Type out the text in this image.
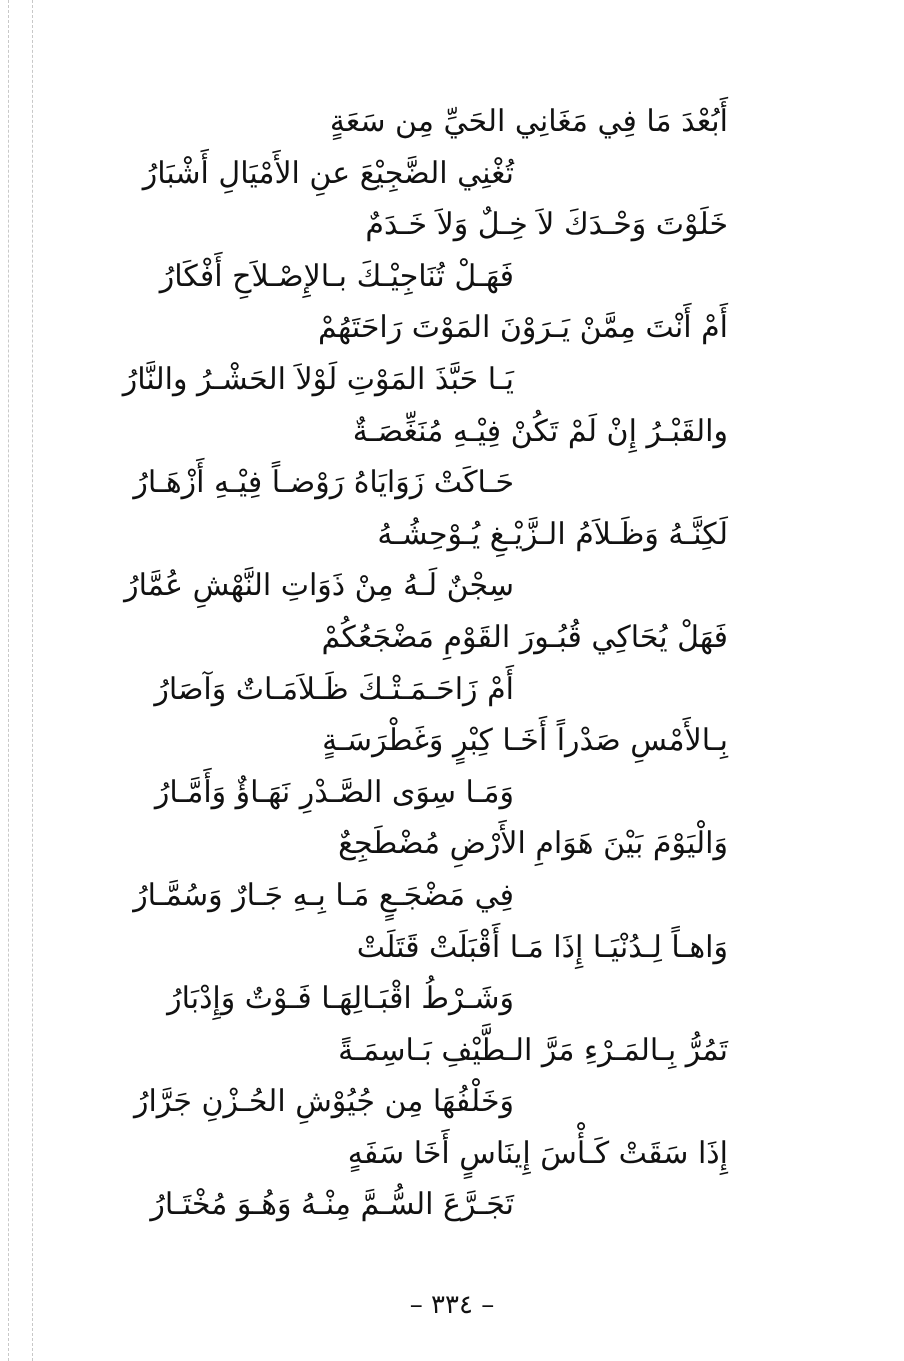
أَبُعْدَ مَا فِي مَغَانِي الحَيِّ مِن سَعَةٍ
تُغْنِي الضَّجِيْعَ عنِ الأَمْيَالِ أَشْبَارُ
خَلَوْتَ وَحْـدَكَ لاَ خِـلٌ وَلاَ خَـدَمٌ
فَهَـلْ تُنَاجِيْـكَ بـالإِصْـلاَحِ أَفْكَارُ
أَمْ أَنْتَ مِمَّنْ يَـرَوْنَ المَوْتَ رَاحَتَهُمْ
يَـا حَبَّذَ المَوْتِ لَوْلاَ الحَشْـرُ والنَّارُ
والقَبْـرُ إِنْ لَمْ تَكُنْ فِيْـهِ مُنَغِّصَـةٌ
حَـاكَتْ زَوَايَاهُ رَوْضـاً فِيْـهِ أَزْهَـارُ
لَكِنَّـهُ وَظَـلاَمُ الـزَّيْـغِ يُـوْحِشُـهُ
سِجْنٌ لَـهُ مِنْ ذَوَاتِ النَّهْشِ عُمَّارُ
فَهَلْ يُحَاكِي قُبُـورَ القَوْمِ مَضْجَعُكُمْ
أَمْ زَاحَـمَـتْـكَ ظَـلاَمَـاتٌ وَآصَارُ
بِـالأَمْسِ صَدْراً أَخَـا كِبْرٍ وَغَطْرَسَـةٍ
وَمَـا سِوَى الصَّـدْرِ نَهَـاؤٌ وَأَمَّـارُ
وَالْيَوْمَ بَيْنَ هَوَامِ الأَرْضِ مُضْطَجِعٌ
فِي مَضْجَـعٍ مَـا بِـهِ جَـارٌ وَسُمَّـارُ
وَاهـاً لِـدُنْيَـا إِذَا مَـا أَقْبَلَتْ قَتَلَتْ
وَشَـرْطُ اقْبَـالِهَـا فَـوْتٌ وَإِدْبَارُ
تَمُرُّ بِـالمَـرْءِ مَرَّ الـطَّيْفِ بَـاسِمَـةً
وَخَلْفُهَا مِن جُيُوْشِ الحُـزْنِ جَرَّارُ
إِذَا سَقَتْ كَـأْسَ إِينَاسٍ أَخَا سَفَهٍ
تَجَـرَّعَ السُّـمَّ مِنْـهُ وَهُـوَ مُخْتَـارُ
– ٣٣٤ –
